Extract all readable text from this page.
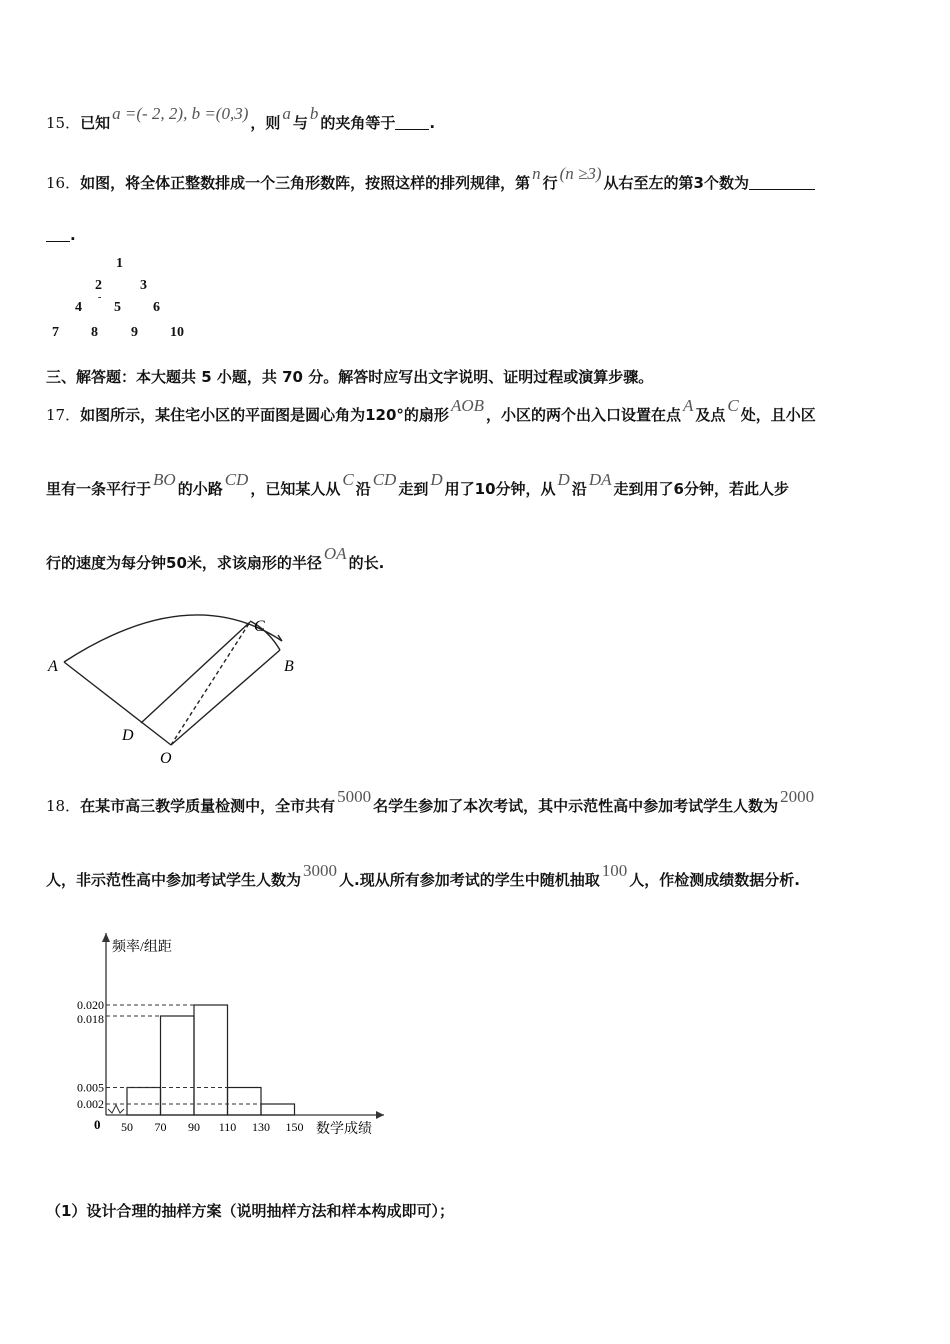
15．已知 a =(- 2, 2), b =(0,3) ，则 a 与 b 的夹角等于 .
16．如图，将全体正整数排成一个三角形数阵，按照这样的排列规律，第 n 行 (n ≥3) 从右至左的第3个数为
.
1
2	3
4 5 6
-
7 8 9 10
三、解答题：本大题共 5 小题，共 70 分。解答时应写出文字说明、证明过程或演算步骤。
17．如图所示，某住宅小区的平面图是圆心角为120°的扇形 AOB ，小区的两个出入口设置在点 A 及点 C 处，且小区
里有一条平行于 BO 的小路 CD ，已知某人从 C 沿 CD 走到 D 用了10分钟，从 D 沿 DA 走到用了6分钟，若此人步
行的速度为每分钟50米，求该扇形的半径 OA 的长.
A	B
C
D
O
18．在某市高三教学质量检测中，全市共有 5000 名学生参加了本次考试，其中示范性高中参加考试学生人数为 2000
人，非示范性高中参加考试学生人数为 3000 人.现从所有参加考试的学生中随机抽取 100 人，作检测成绩数据分析.
频率/组距
数学成绩
0
0.020
0.018
0.005
0.002
50 70 90 110 130 150
（1）设计合理的抽样方案（说明抽样方法和样本构成即可）；
